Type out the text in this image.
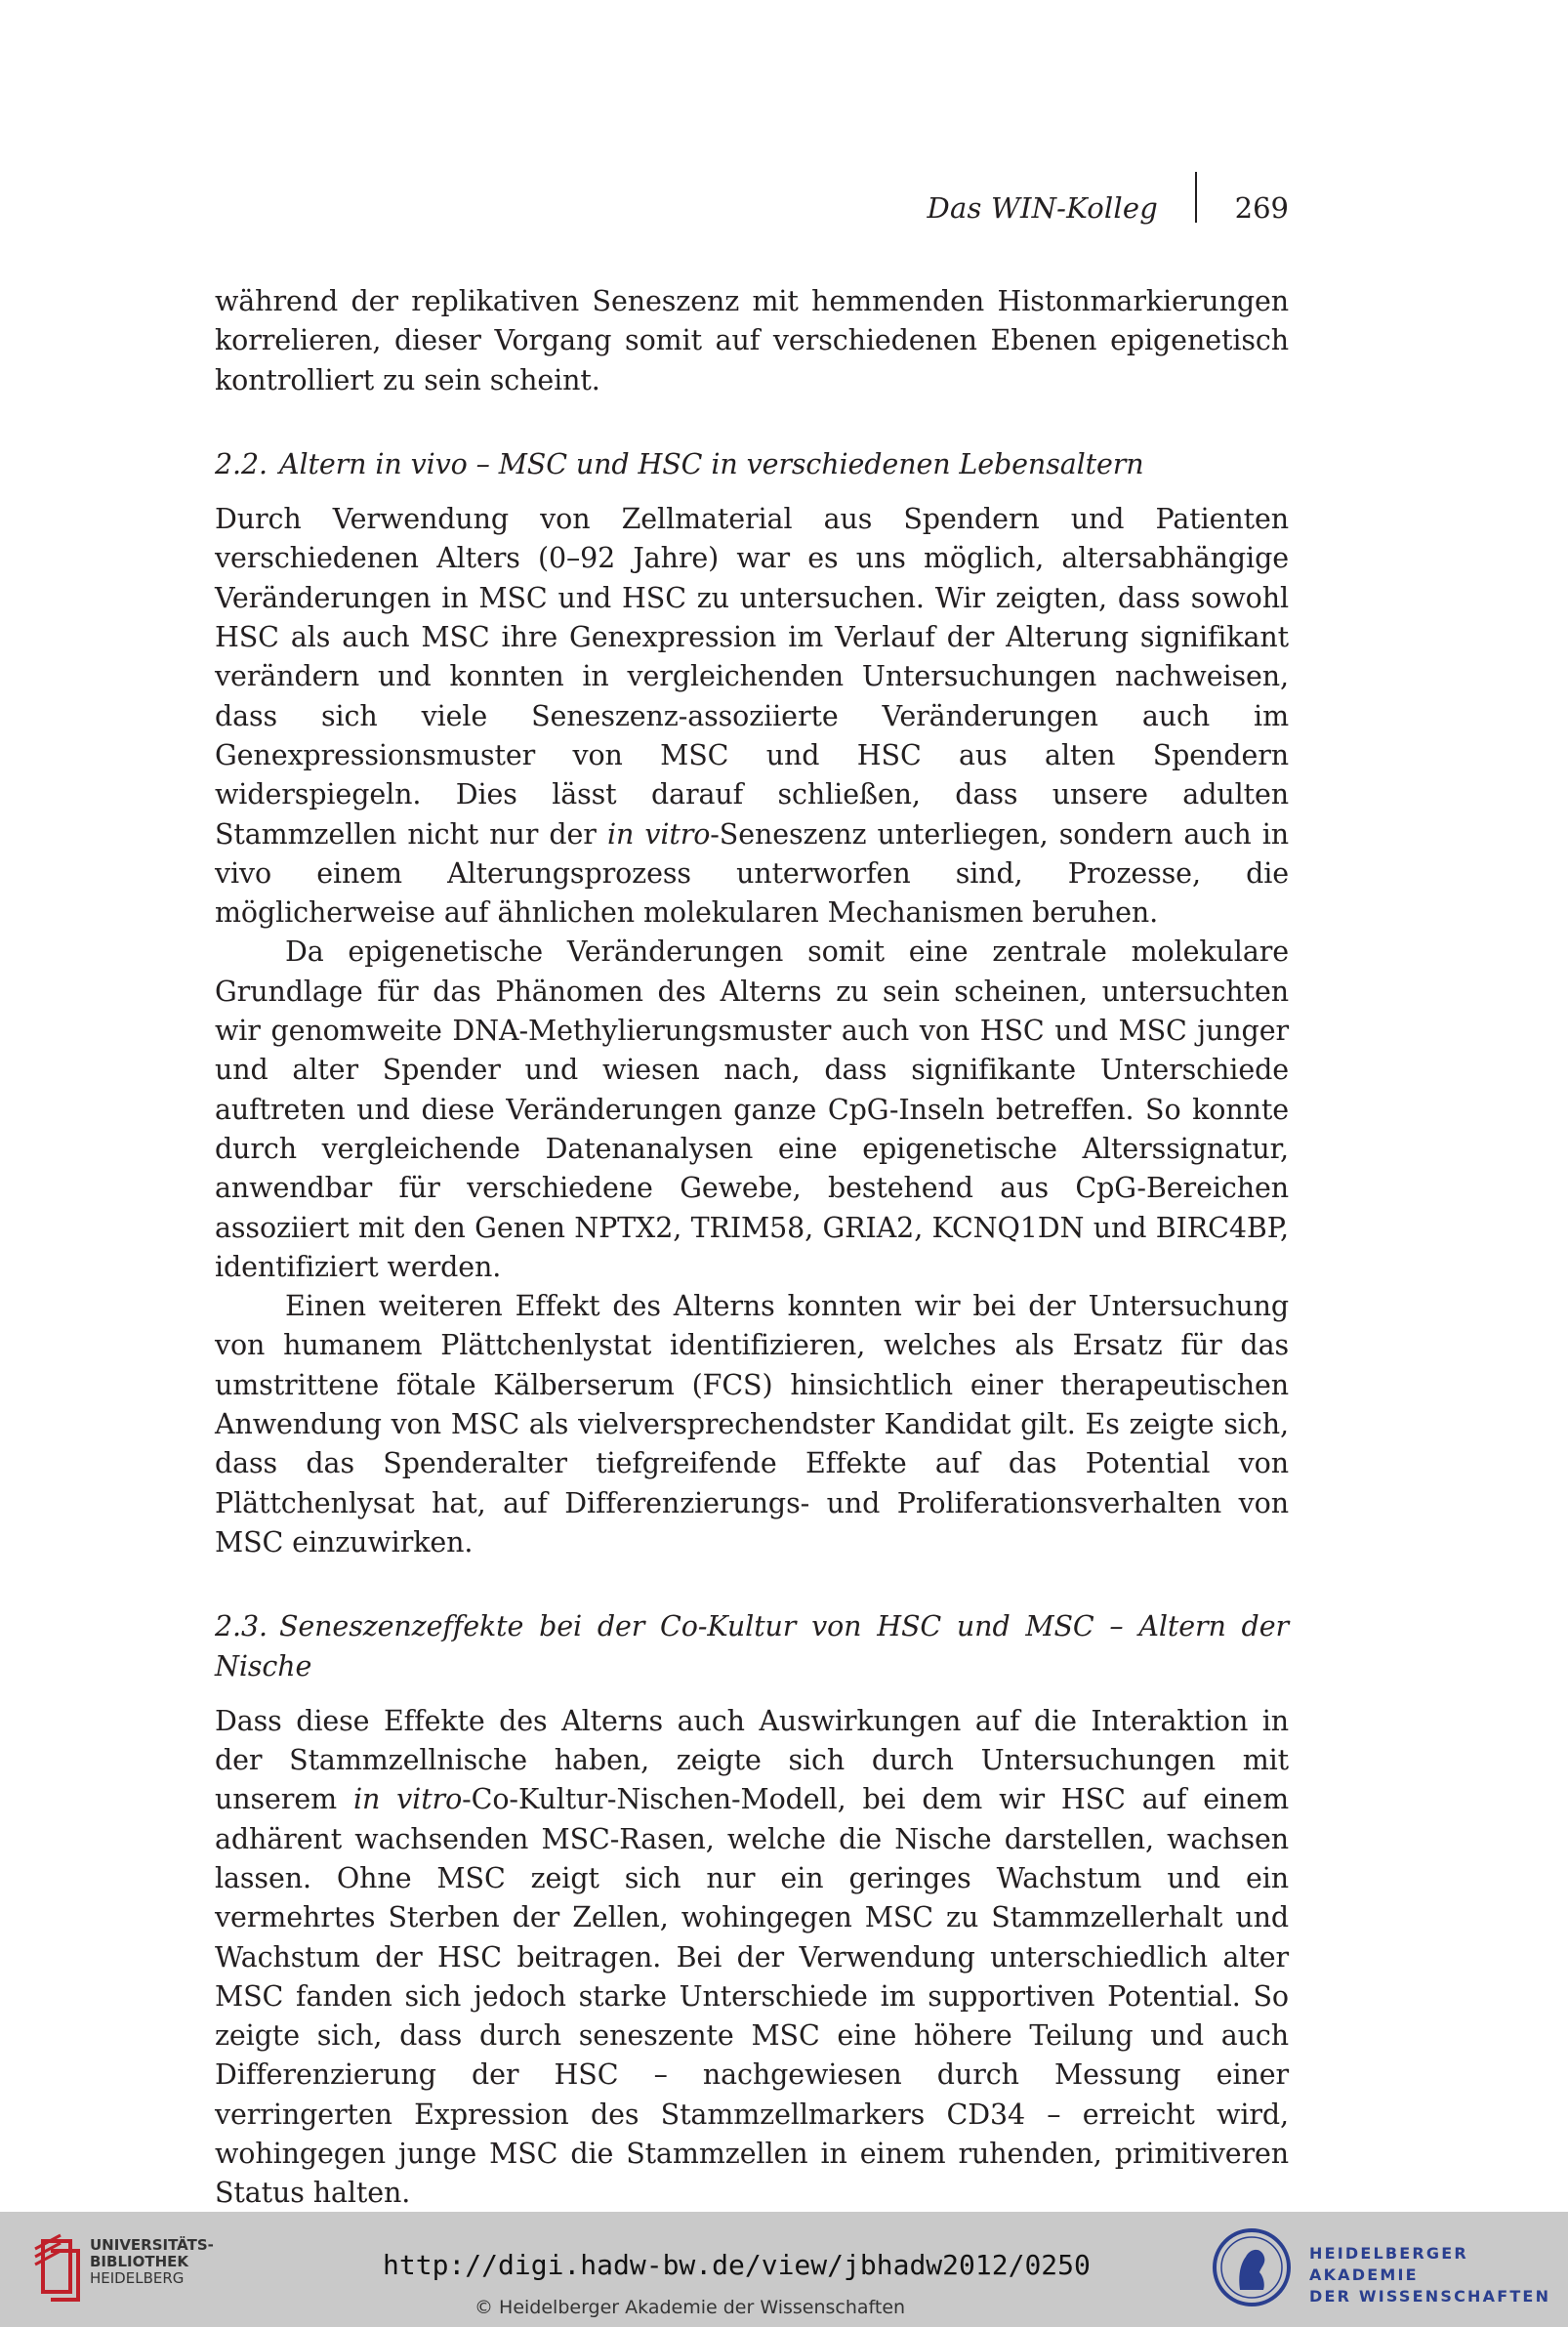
Das WIN-Kolleg	269

während der replikativen Seneszenz mit hemmenden Histonmarkierungen korrelieren, dieser Vorgang somit auf verschiedenen Ebenen epigenetisch kontrolliert zu sein scheint.

2.2. Altern in vivo – MSC und HSC in verschiedenen Lebensaltern

Durch Verwendung von Zellmaterial aus Spendern und Patienten verschiedenen Alters (0–92 Jahre) war es uns möglich, altersabhängige Veränderungen in MSC und HSC zu untersuchen. Wir zeigten, dass sowohl HSC als auch MSC ihre Genexpression im Verlauf der Alterung signifikant verändern und konnten in vergleichenden Untersuchungen nachweisen, dass sich viele Seneszenz-assoziierte Veränderungen auch im Genexpressionsmuster von MSC und HSC aus alten Spendern widerspiegeln. Dies lässt darauf schließen, dass unsere adulten Stammzellen nicht nur der in vitro-Seneszenz unterliegen, sondern auch in vivo einem Alterungsprozess unterworfen sind, Prozesse, die möglicherweise auf ähnlichen molekularen Mechanismen beruhen.

Da epigenetische Veränderungen somit eine zentrale molekulare Grundlage für das Phänomen des Alterns zu sein scheinen, untersuchten wir genomweite DNA-Methylierungsmuster auch von HSC und MSC junger und alter Spender und wiesen nach, dass signifikante Unterschiede auftreten und diese Veränderungen ganze CpG-Inseln betreffen. So konnte durch vergleichende Datenanalysen eine epigenetische Alterssignatur, anwendbar für verschiedene Gewebe, bestehend aus CpG-Bereichen assoziiert mit den Genen NPTX2, TRIM58, GRIA2, KCNQ1DN und BIRC4BP, identifiziert werden.

Einen weiteren Effekt des Alterns konnten wir bei der Untersuchung von humanem Plättchenlystat identifizieren, welches als Ersatz für das umstrittene fötale Kälberserum (FCS) hinsichtlich einer therapeutischen Anwendung von MSC als vielversprechendster Kandidat gilt. Es zeigte sich, dass das Spenderalter tiefgreifende Effekte auf das Potential von Plättchenlysat hat, auf Differenzierungs- und Proliferationsverhalten von MSC einzuwirken.

2.3. Seneszenzeffekte bei der Co-Kultur von HSC und MSC – Altern der Nische

Dass diese Effekte des Alterns auch Auswirkungen auf die Interaktion in der Stammzellnische haben, zeigte sich durch Untersuchungen mit unserem in vitro-Co-Kultur-Nischen-Modell, bei dem wir HSC auf einem adhärent wachsenden MSC-Rasen, welche die Nische darstellen, wachsen lassen. Ohne MSC zeigt sich nur ein geringes Wachstum und ein vermehrtes Sterben der Zellen, wohingegen MSC zu Stammzellerhalt und Wachstum der HSC beitragen. Bei der Verwendung unterschiedlich alter MSC fanden sich jedoch starke Unterschiede im supportiven Potential. So zeigte sich, dass durch seneszente MSC eine höhere Teilung und auch Differenzierung der HSC – nachgewiesen durch Messung einer verringerten Expression des Stammzellmarkers CD34 – erreicht wird, wohingegen junge MSC die Stammzellen in einem ruhenden, primitiveren Status halten.

UNIVERSITÄTS-
BIBLIOTHEK
HEIDELBERG	http://digi.hadw-bw.de/view/jbhadw2012/0250
© Heidelberger Akademie der Wissenschaften
HEIDELBERGER AKADEMIE
DER WISSENSCHAFTEN
